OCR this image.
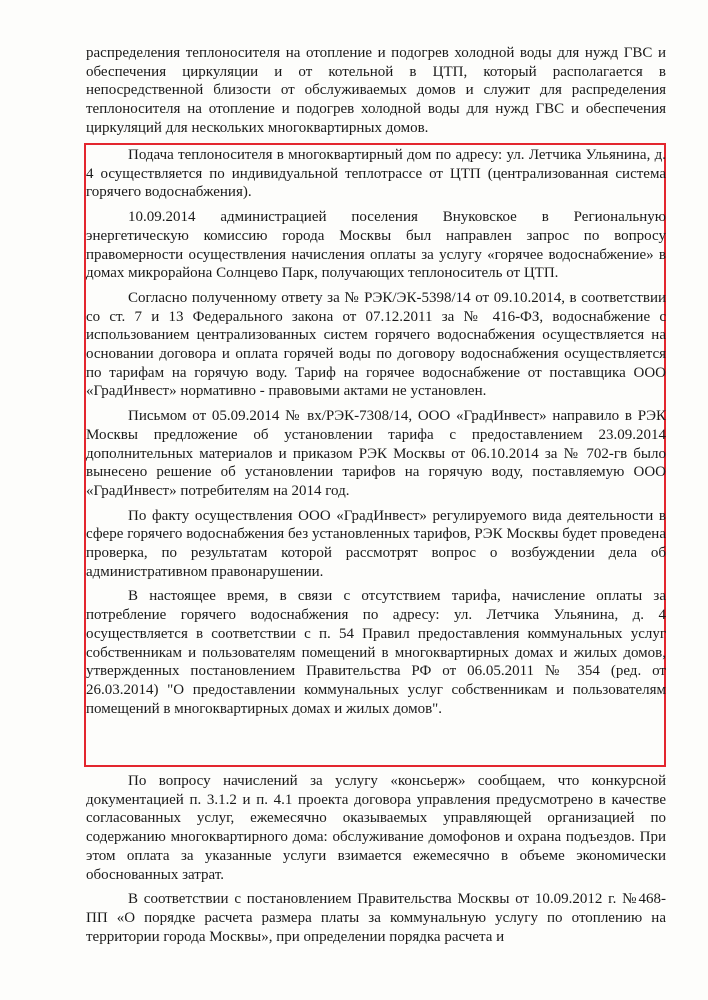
распределения теплоносителя на отопление и подогрев холодной воды для нужд ГВС и обеспечения циркуляции и от котельной в ЦТП, который располагается в непосредственной близости от обслуживаемых домов и служит для распределения теплоносителя на отопление и подогрев холодной воды для нужд ГВС и обеспечения циркуляций для нескольких многоквартирных домов.

Подача теплоносителя в многоквартирный дом по адресу: ул. Летчика Ульянина, д. 4 осуществляется по индивидуальной теплотрассе от ЦТП (централизованная система горячего водоснабжения).

10.09.2014 администрацией поселения Внуковское в Региональную энергетическую комиссию города Москвы был направлен запрос по вопросу правомерности осуществления начисления оплаты за услугу «горячее водоснабжение» в домах микрорайона Солнцево Парк, получающих теплоноситель от ЦТП.

Согласно полученному ответу за № РЭК/ЭК-5398/14 от 09.10.2014, в соответствии со ст. 7 и 13 Федерального закона от 07.12.2011 за № 416-ФЗ, водоснабжение с использованием централизованных систем горячего водоснабжения осуществляется на основании договора и оплата горячей воды по договору водоснабжения осуществляется по тарифам на горячую воду. Тариф на горячее водоснабжение от поставщика ООО «ГрадИнвест» нормативно - правовыми актами не установлен.

Письмом от 05.09.2014 № вх/РЭК-7308/14, ООО «ГрадИнвест» направило в РЭК Москвы предложение об установлении тарифа с предоставлением 23.09.2014 дополнительных материалов и приказом РЭК Москвы от 06.10.2014 за № 702-гв было вынесено решение об установлении тарифов на горячую воду, поставляемую ООО «ГрадИнвест» потребителям на 2014 год.

По факту осуществления ООО «ГрадИнвест» регулируемого вида деятельности в сфере горячего водоснабжения без установленных тарифов, РЭК Москвы будет проведена проверка, по результатам которой рассмотрят вопрос о возбуждении дела об административном правонарушении.

В настоящее время, в связи с отсутствием тарифа, начисление оплаты за потребление горячего водоснабжения по адресу: ул. Летчика Ульянина, д. 4 осуществляется в соответствии с п. 54 Правил предоставления коммунальных услуг собственникам и пользователям помещений в многоквартирных домах и жилых домов, утвержденных постановлением Правительства РФ от 06.05.2011 № 354 (ред. от 26.03.2014) "О предоставлении коммунальных услуг собственникам и пользователям помещений в многоквартирных домах и жилых домов".

По вопросу начислений за услугу «консьерж» сообщаем, что конкурсной документацией п. 3.1.2 и п. 4.1 проекта договора управления предусмотрено в качестве согласованных услуг, ежемесячно оказываемых управляющей организацией по содержанию многоквартирного дома: обслуживание домофонов и охрана подъездов. При этом оплата за указанные услуги взимается ежемесячно в объеме экономически обоснованных затрат.

В соответствии с постановлением Правительства Москвы от 10.09.2012 г. №468-ПП «О порядке расчета размера платы за коммунальную услугу по отоплению на территории города Москвы», при определении порядка расчета и
